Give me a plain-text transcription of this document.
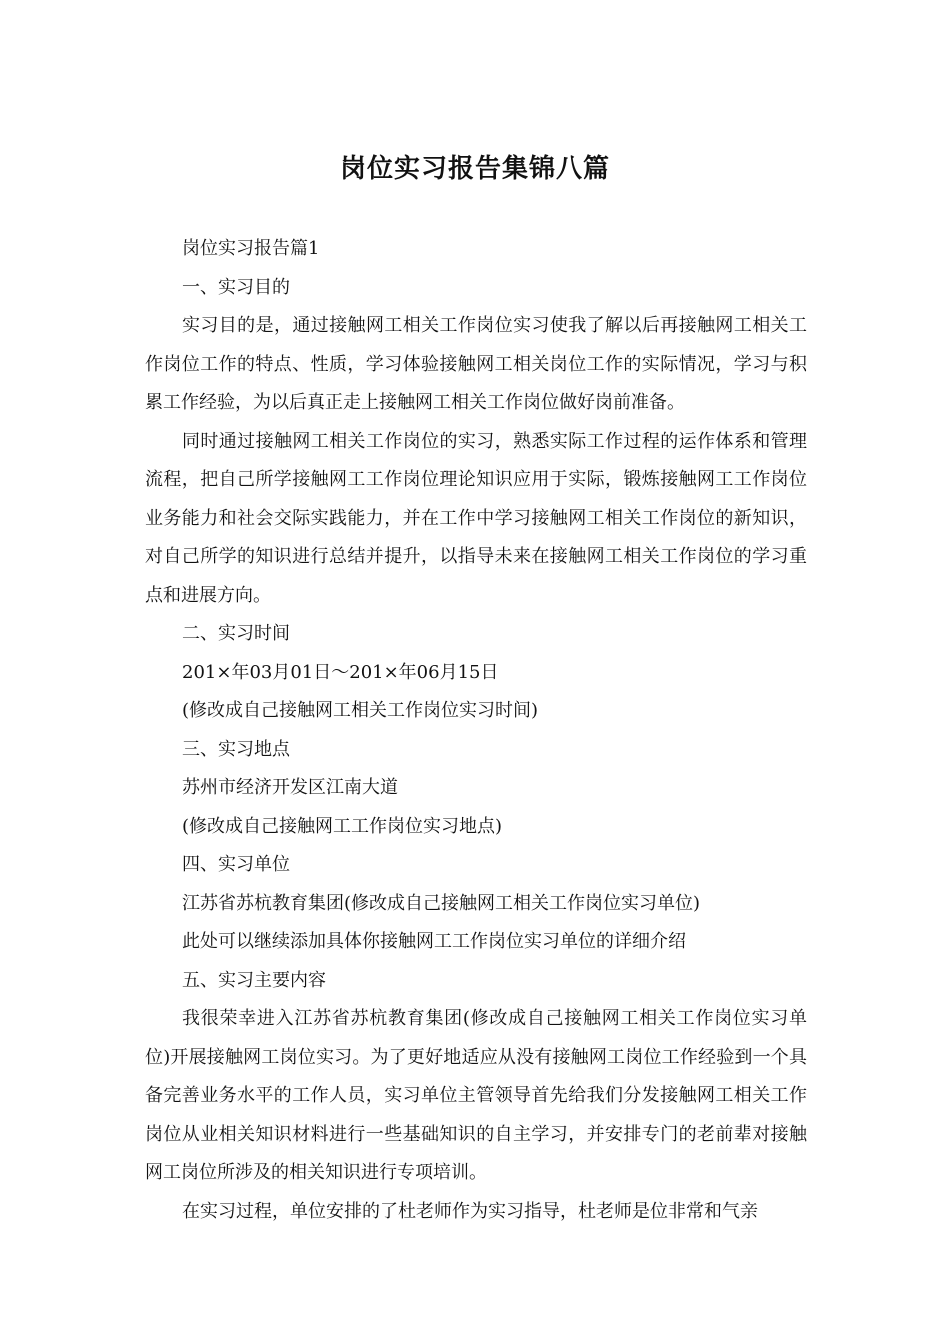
岗位实习报告集锦八篇

岗位实习报告篇1

一、实习目的

实习目的是，通过接触网工相关工作岗位实习使我了解以后再接触网工相关工作岗位工作的特点、性质，学习体验接触网工相关岗位工作的实际情况，学习与积累工作经验，为以后真正走上接触网工相关工作岗位做好岗前准备。

同时通过接触网工相关工作岗位的实习，熟悉实际工作过程的运作体系和管理流程，把自己所学接触网工工作岗位理论知识应用于实际，锻炼接触网工工作岗位业务能力和社会交际实践能力，并在工作中学习接触网工相关工作岗位的新知识，对自己所学的知识进行总结并提升，以指导未来在接触网工相关工作岗位的学习重点和进展方向。

二、实习时间

201×年03月01日～201×年06月15日

(修改成自己接触网工相关工作岗位实习时间)

三、实习地点

苏州市经济开发区江南大道

(修改成自己接触网工工作岗位实习地点)

四、实习单位

江苏省苏杭教育集团(修改成自己接触网工相关工作岗位实习单位)

此处可以继续添加具体你接触网工工作岗位实习单位的详细介绍

五、实习主要内容

我很荣幸进入江苏省苏杭教育集团(修改成自己接触网工相关工作岗位实习单位)开展接触网工岗位实习。为了更好地适应从没有接触网工岗位工作经验到一个具备完善业务水平的工作人员，实习单位主管领导首先给我们分发接触网工相关工作岗位从业相关知识材料进行一些基础知识的自主学习，并安排专门的老前辈对接触网工岗位所涉及的相关知识进行专项培训。

在实习过程，单位安排的了杜老师作为实习指导，杜老师是位非常和气亲
